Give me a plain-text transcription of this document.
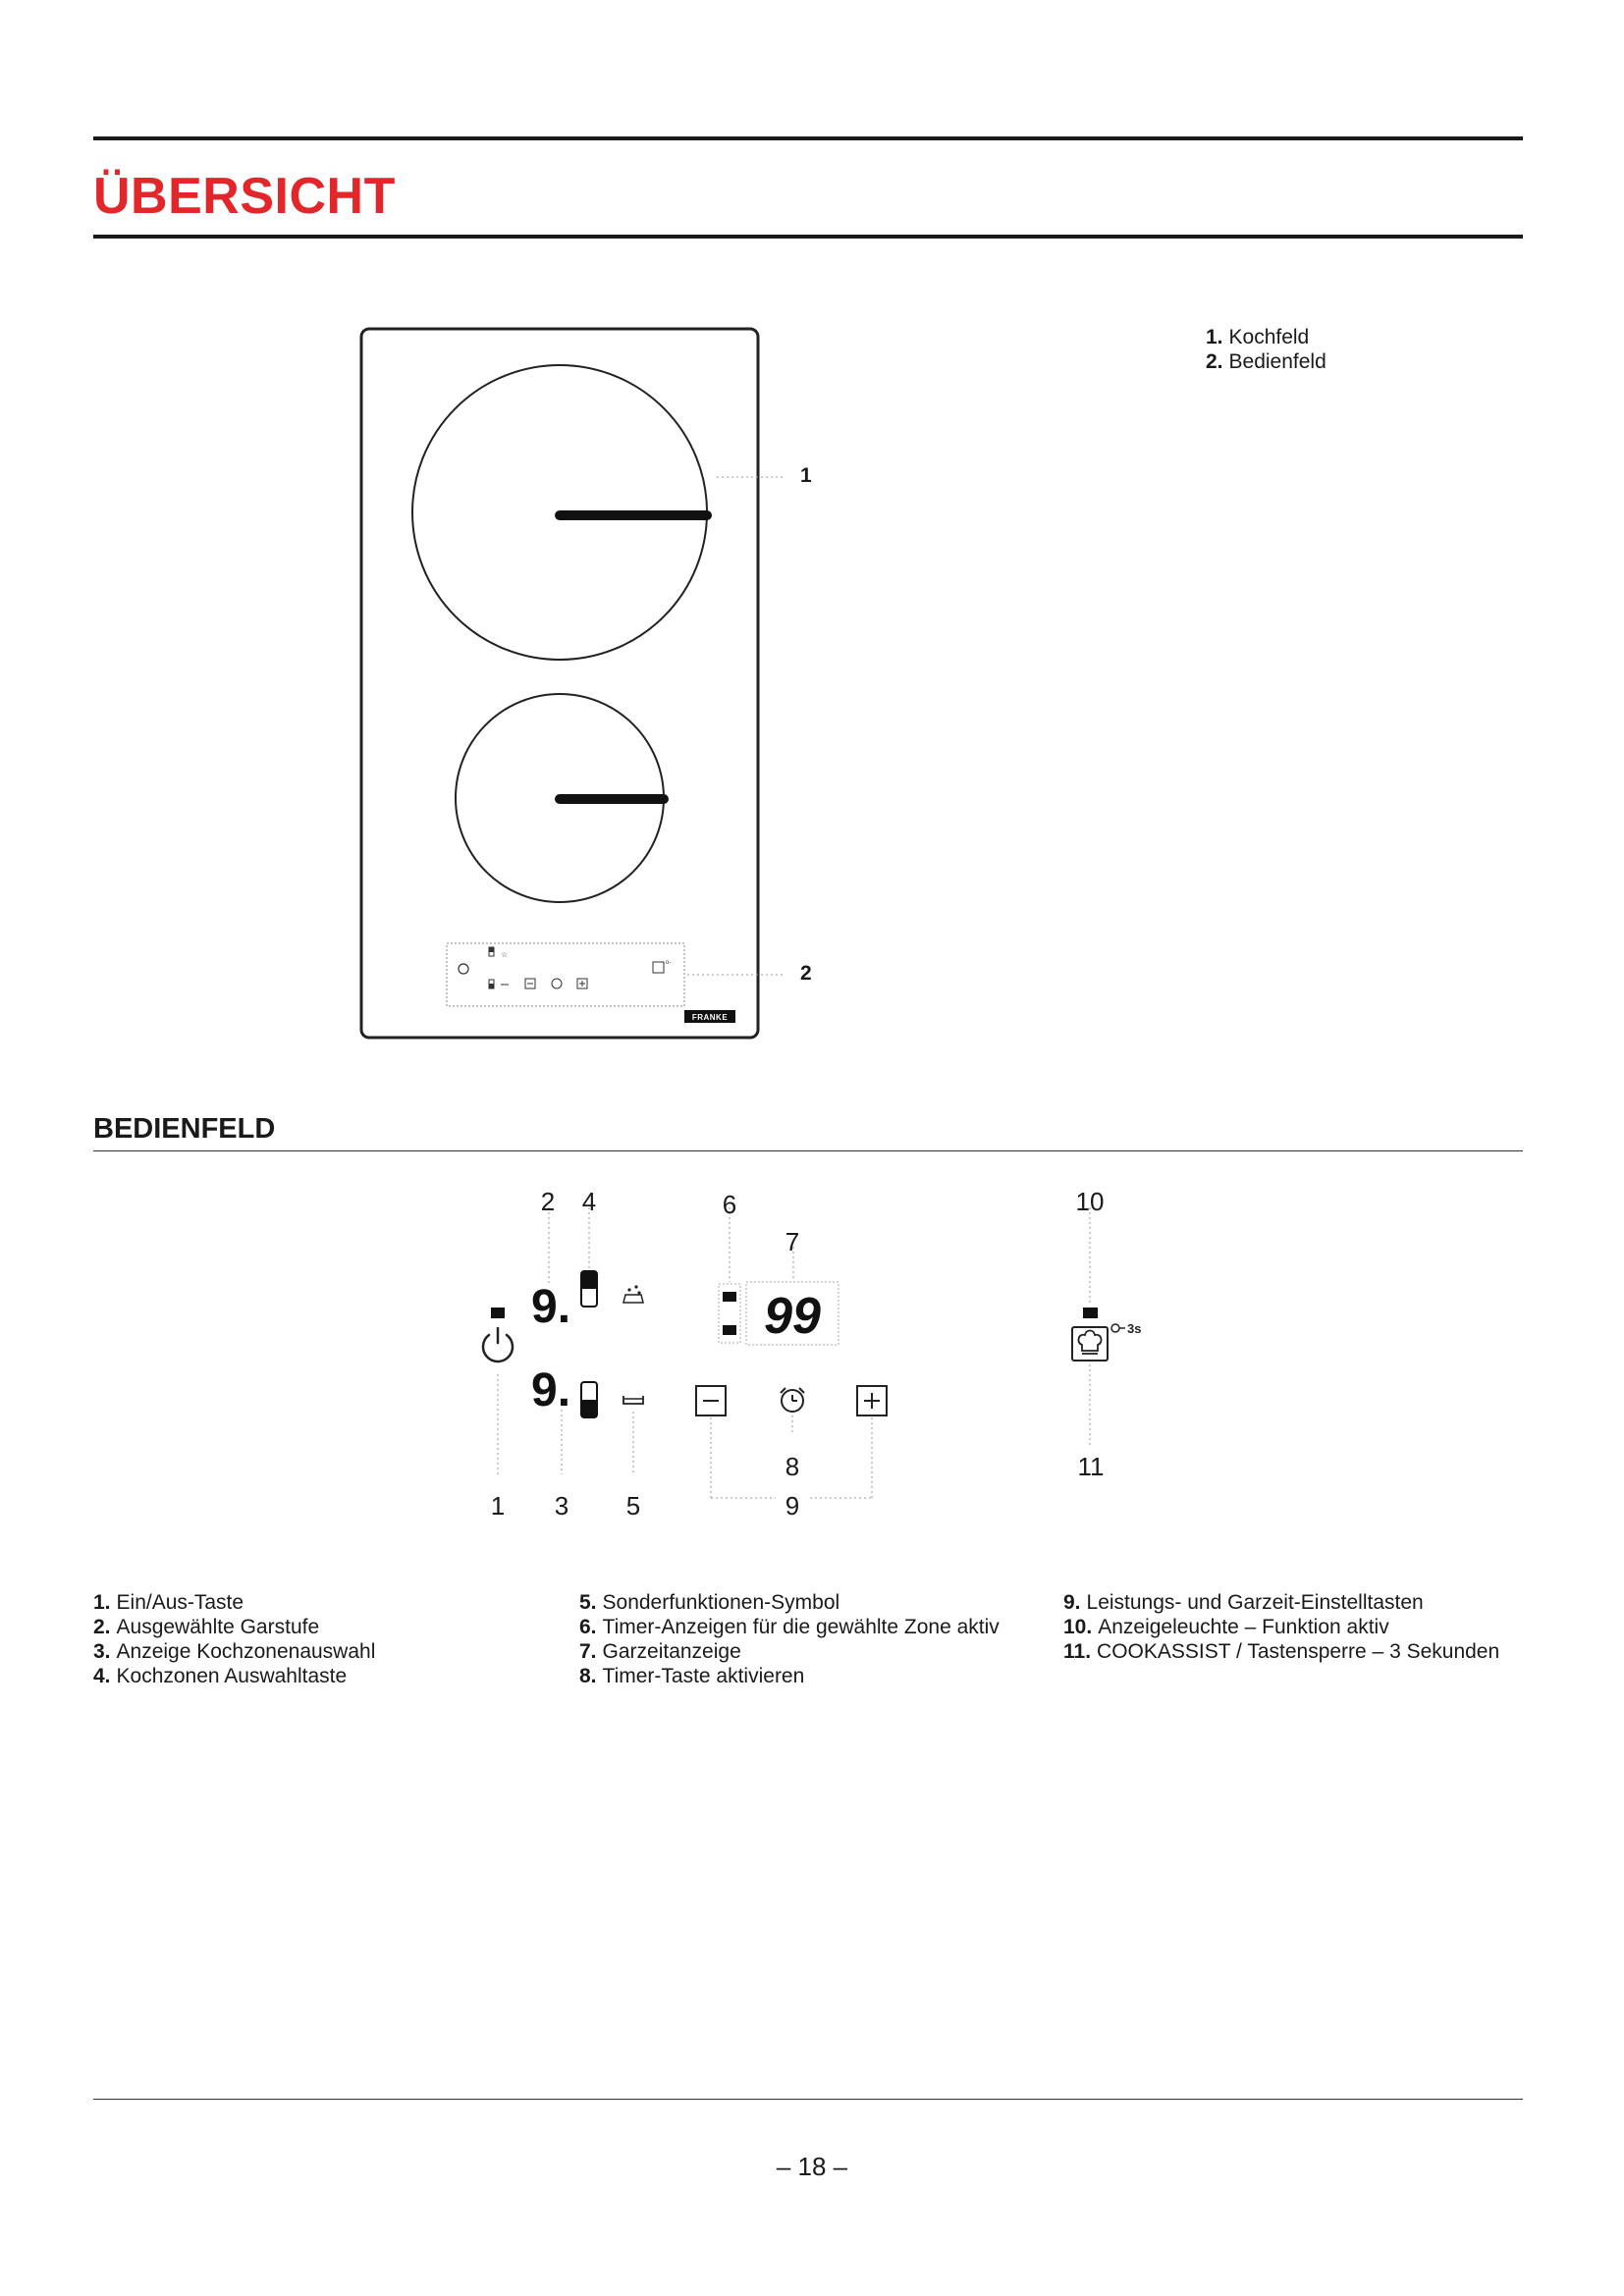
ÜBERSICHT
☆
o-
FRANKE
1
2
1. Kochfeld
2. Bedienfeld
BEDIENFELD
9.
9.
99	3s
2	4	6
7
10
8	11
1	3	5	9
1. Ein/Aus-Taste
2. Ausgewählte Garstufe
3. Anzeige Kochzonenauswahl
4. Kochzonen Auswahltaste
5. Sonderfunktionen-Symbol
6. Timer-Anzeigen für die gewählte Zone aktiv
7. Garzeitanzeige
8. Timer-Taste aktivieren
9. Leistungs- und Garzeit-Einstelltasten
10. Anzeigeleuchte – Funktion aktiv
11. COOKASSIST / Tastensperre – 3 Sekunden
– 18 –
